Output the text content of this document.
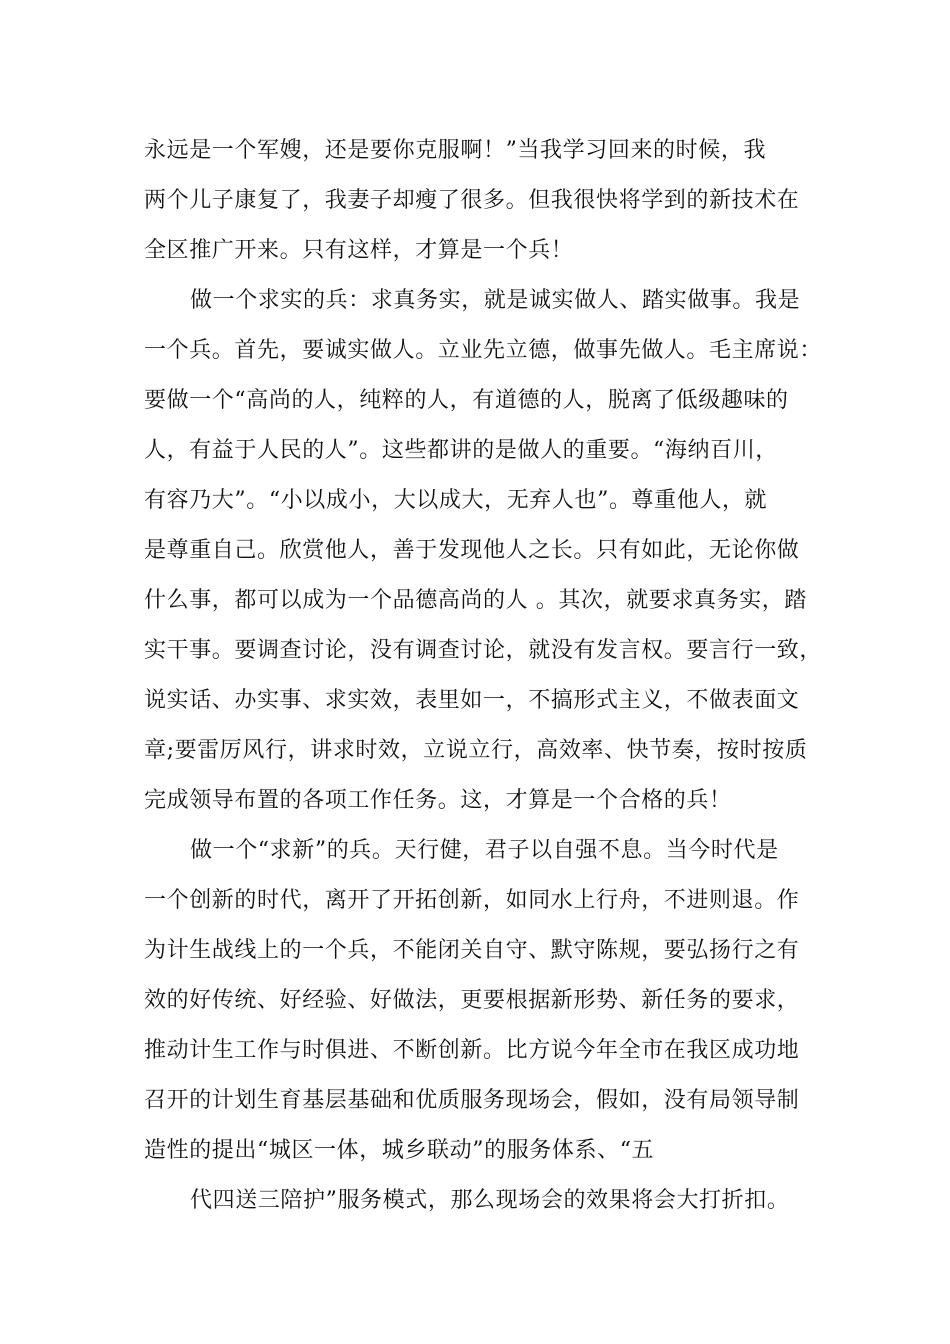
永远是一个军嫂，还是要你克服啊！”当我学习回来的时候，我
两个儿子康复了，我妻子却瘦了很多。但我很快将学到的新技术在
全区推广开来。只有这样，才算是一个兵！
做一个求实的兵：求真务实，就是诚实做人、踏实做事。我是
一个兵。首先，要诚实做人。立业先立德，做事先做人。毛主席说：
要做一个“高尚的人，纯粹的人，有道德的人，脱离了低级趣味的
人，有益于人民的人”。这些都讲的是做人的重要。“海纳百川，
有容乃大”。“小以成小，大以成大，无弃人也”。尊重他人，就
是尊重自己。欣赏他人，善于发现他人之长。只有如此，无论你做
什么事，都可以成为一个品德高尚的人 。其次，就要求真务实，踏
实干事。要调查讨论，没有调查讨论，就没有发言权。要言行一致，
说实话、办实事、求实效，表里如一，不搞形式主义，不做表面文
章;要雷厉风行，讲求时效，立说立行，高效率、快节奏，按时按质
完成领导布置的各项工作任务。这，才算是一个合格的兵！
做一个“求新”的兵。天行健，君子以自强不息。当今时代是
一个创新的时代，离开了开拓创新，如同水上行舟，不进则退。作
为计生战线上的一个兵，不能闭关自守、默守陈规，要弘扬行之有
效的好传统、好经验、好做法，更要根据新形势、新任务的要求，
推动计生工作与时俱进、不断创新。比方说今年全市在我区成功地
召开的计划生育基层基础和优质服务现场会，假如，没有局领导制
造性的提出“城区一体，城乡联动”的服务体系、“五
代四送三陪护”服务模式，那么现场会的效果将会大打折扣。
